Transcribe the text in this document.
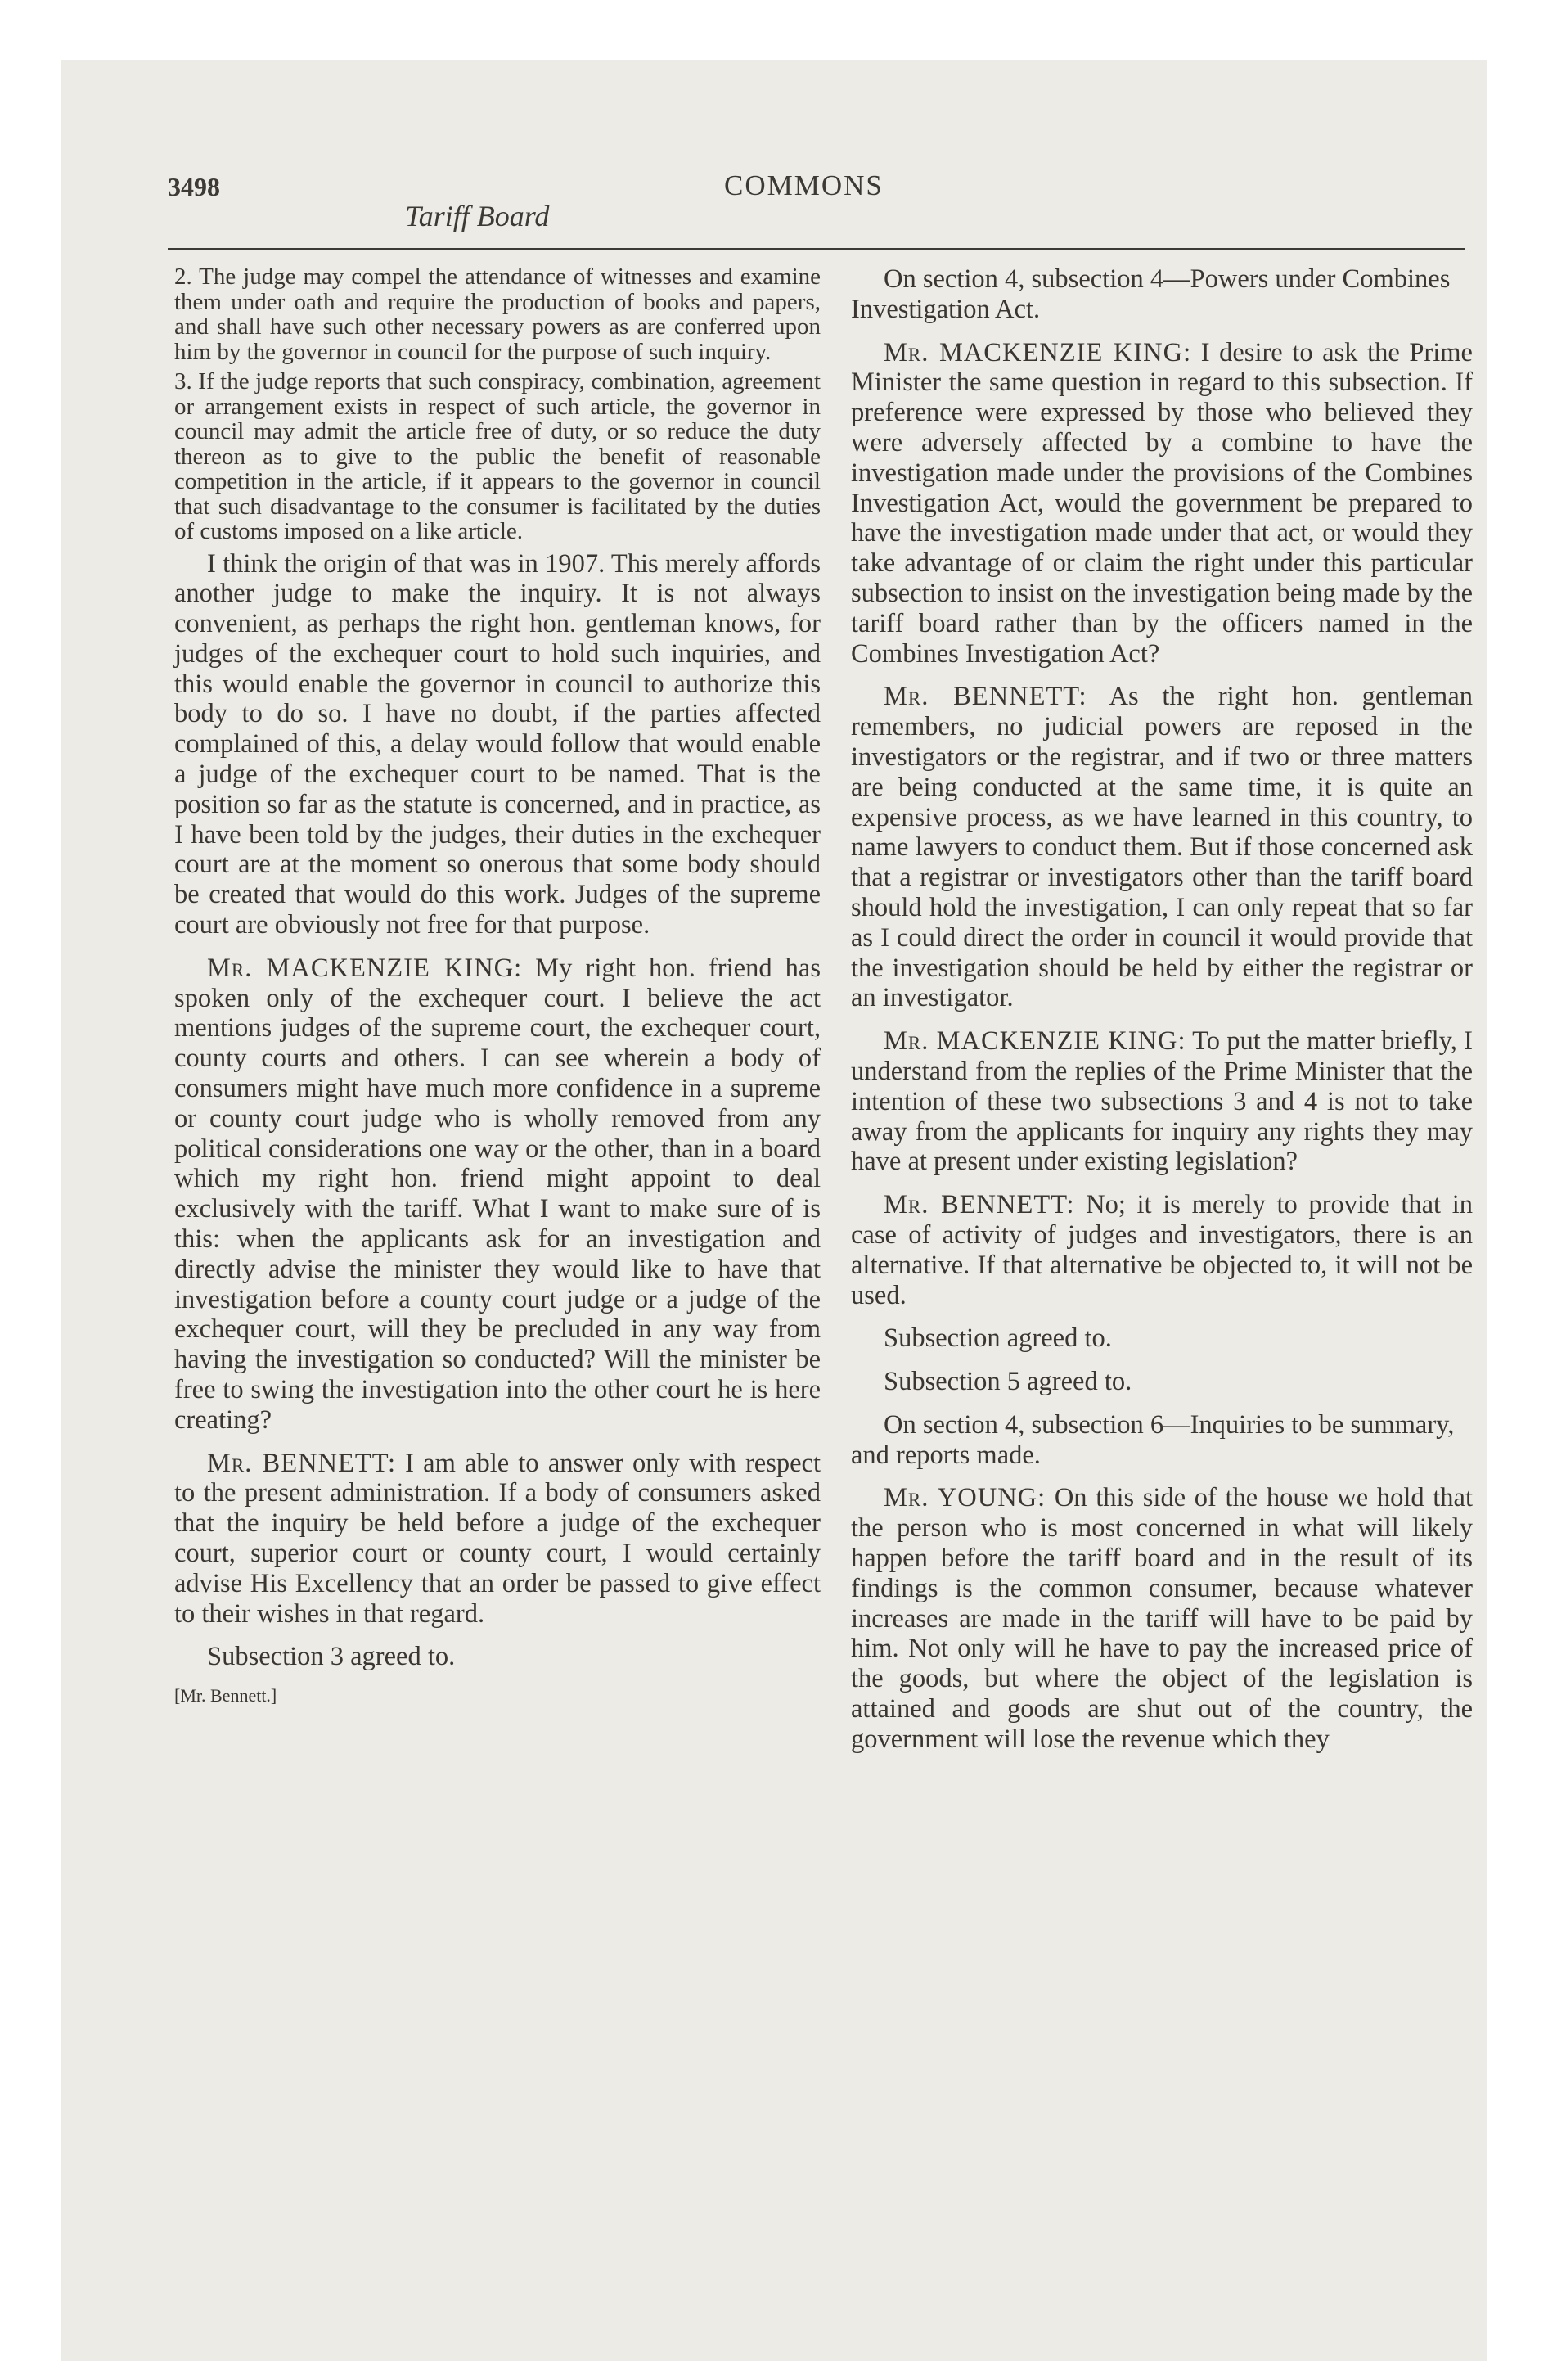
3498
Tariff Board
COMMONS

2. The judge may compel the attendance of witnesses and examine them under oath and require the production of books and papers, and shall have such other necessary powers as are conferred upon him by the governor in council for the purpose of such inquiry.

3. If the judge reports that such conspiracy, combination, agreement or arrangement exists in respect of such article, the governor in council may admit the article free of duty, or so reduce the duty thereon as to give to the public the benefit of reasonable competition in the article, if it appears to the governor in council that such disadvantage to the consumer is facilitated by the duties of customs imposed on a like article.

I think the origin of that was in 1907. This merely affords another judge to make the inquiry. It is not always convenient, as perhaps the right hon. gentleman knows, for judges of the exchequer court to hold such inquiries, and this would enable the governor in council to authorize this body to do so. I have no doubt, if the parties affected complained of this, a delay would follow that would enable a judge of the exchequer court to be named. That is the position so far as the statute is concerned, and in practice, as I have been told by the judges, their duties in the exchequer court are at the moment so onerous that some body should be created that would do this work. Judges of the supreme court are obviously not free for that purpose.

Mr. MACKENZIE KING: My right hon. friend has spoken only of the exchequer court. I believe the act mentions judges of the supreme court, the exchequer court, county courts and others. I can see wherein a body of consumers might have much more confidence in a supreme or county court judge who is wholly removed from any political considerations one way or the other, than in a board which my right hon. friend might appoint to deal exclusively with the tariff. What I want to make sure of is this: when the applicants ask for an investigation and directly advise the minister they would like to have that investigation before a county court judge or a judge of the exchequer court, will they be precluded in any way from having the investigation so conducted? Will the minister be free to swing the investigation into the other court he is here creating?

Mr. BENNETT: I am able to answer only with respect to the present administration. If a body of consumers asked that the inquiry be held before a judge of the exchequer court, superior court or county court, I would certainly advise His Excellency that an order be passed to give effect to their wishes in that regard.

Subsection 3 agreed to.

[Mr. Bennett.]

On section 4, subsection 4—Powers under Combines Investigation Act.

Mr. MACKENZIE KING: I desire to ask the Prime Minister the same question in regard to this subsection. If preference were expressed by those who believed they were adversely affected by a combine to have the investigation made under the provisions of the Combines Investigation Act, would the government be prepared to have the investigation made under that act, or would they take advantage of or claim the right under this particular subsection to insist on the investigation being made by the tariff board rather than by the officers named in the Combines Investigation Act?

Mr. BENNETT: As the right hon. gentleman remembers, no judicial powers are reposed in the investigators or the registrar, and if two or three matters are being conducted at the same time, it is quite an expensive process, as we have learned in this country, to name lawyers to conduct them. But if those concerned ask that a registrar or investigators other than the tariff board should hold the investigation, I can only repeat that so far as I could direct the order in council it would provide that the investigation should be held by either the registrar or an investigator.

Mr. MACKENZIE KING: To put the matter briefly, I understand from the replies of the Prime Minister that the intention of these two subsections 3 and 4 is not to take away from the applicants for inquiry any rights they may have at present under existing legislation?

Mr. BENNETT: No; it is merely to provide that in case of activity of judges and investigators, there is an alternative. If that alternative be objected to, it will not be used.

Subsection agreed to.

Subsection 5 agreed to.

On section 4, subsection 6—Inquiries to be summary, and reports made.

Mr. YOUNG: On this side of the house we hold that the person who is most concerned in what will likely happen before the tariff board and in the result of its findings is the common consumer, because whatever increases are made in the tariff will have to be paid by him. Not only will he have to pay the increased price of the goods, but where the object of the legislation is attained and goods are shut out of the country, the government will lose the revenue which they
